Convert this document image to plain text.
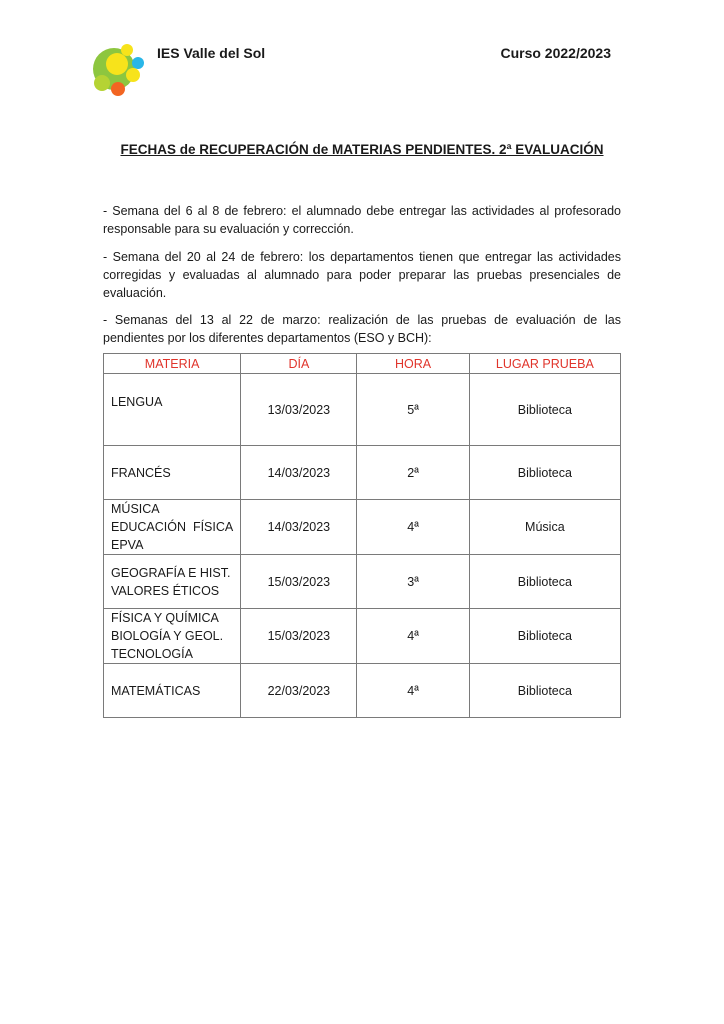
IES Valle del Sol	Curso 2022/2023
FECHAS de RECUPERACIÓN de MATERIAS PENDIENTES. 2ª EVALUACIÓN

- Semana del 6 al 8 de febrero: el alumnado debe entregar las actividades al profesorado responsable para su evaluación y corrección.

- Semana del 20 al 24 de febrero: los departamentos tienen que entregar las actividades corregidas y evaluadas al alumnado para poder preparar las pruebas presenciales de evaluación.

- Semanas del 13 al 22 de marzo: realización de las pruebas de evaluación de las pendientes por los diferentes departamentos (ESO y BCH):

MATERIA	DÍA	HORA	LUGAR PRUEBA

LENGUA	13/03/2023	5ª	Biblioteca

FRANCÉS	14/03/2023	2ª	Biblioteca

MÚSICA
EDUCACIÓN  FÍSICA
EPVA	14/03/2023	4ª	Música

GEOGRAFÍA E HIST.
VALORES ÉTICOS	15/03/2023	3ª	Biblioteca

FÍSICA Y QUÍMICA
BIOLOGÍA Y GEOL.
TECNOLOGÍA	15/03/2023	4ª	Biblioteca

MATEMÁTICAS	22/03/2023	4ª	Biblioteca
